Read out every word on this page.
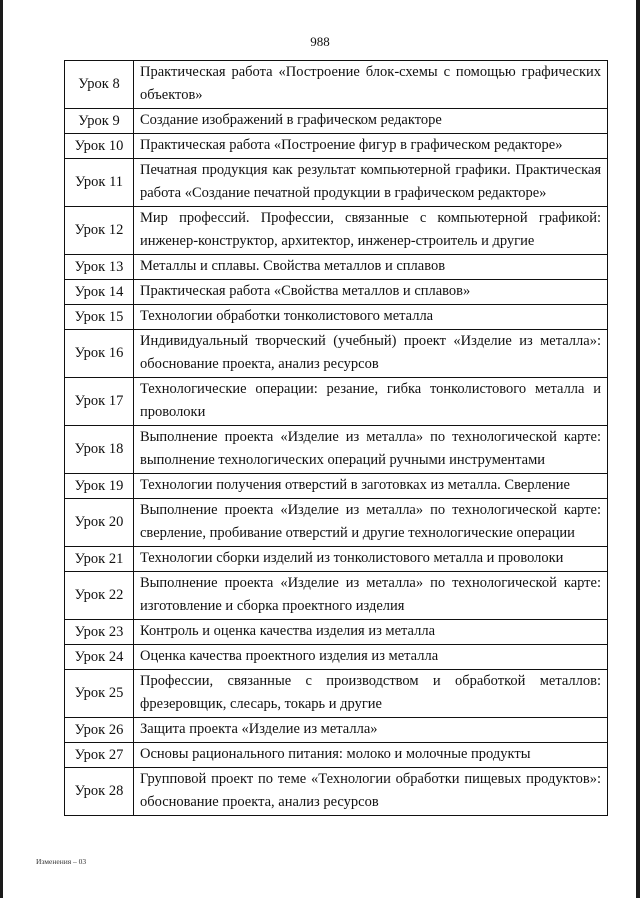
988
Урок 8	Практическая работа «Построение блок-схемы с помощью графических объектов»
Урок 9	Создание изображений в графическом редакторе
Урок 10	Практическая работа «Построение фигур в графическом редакторе»
Урок 11	Печатная продукция как результат компьютерной графики. Практическая работа «Создание печатной продукции в графическом редакторе»
Урок 12	Мир профессий. Профессии, связанные с компьютерной графикой: инженер-конструктор, архитектор, инженер-строитель и другие
Урок 13	Металлы и сплавы. Свойства металлов и сплавов
Урок 14	Практическая работа «Свойства металлов и сплавов»
Урок 15	Технологии обработки тонколистового металла
Урок 16	Индивидуальный творческий (учебный) проект «Изделие из металла»: обоснование проекта, анализ ресурсов
Урок 17	Технологические операции: резание, гибка тонколистового металла и проволоки
Урок 18	Выполнение проекта «Изделие из металла» по технологической карте: выполнение технологических операций ручными инструментами
Урок 19	Технологии получения отверстий в заготовках из металла. Сверление
Урок 20	Выполнение проекта «Изделие из металла» по технологической карте: сверление, пробивание отверстий и другие технологические операции
Урок 21	Технологии сборки изделий из тонколистового металла и проволоки
Урок 22	Выполнение проекта «Изделие из металла» по технологической карте: изготовление и сборка проектного изделия
Урок 23	Контроль и оценка качества изделия из металла
Урок 24	Оценка качества проектного изделия из металла
Урок 25	Профессии, связанные с производством и обработкой металлов: фрезеровщик, слесарь, токарь и другие
Урок 26	Защита проекта «Изделие из металла»
Урок 27	Основы рационального питания: молоко и молочные продукты
Урок 28	Групповой проект по теме «Технологии обработки пищевых продуктов»: обоснование проекта, анализ ресурсов
Изменения – 03
